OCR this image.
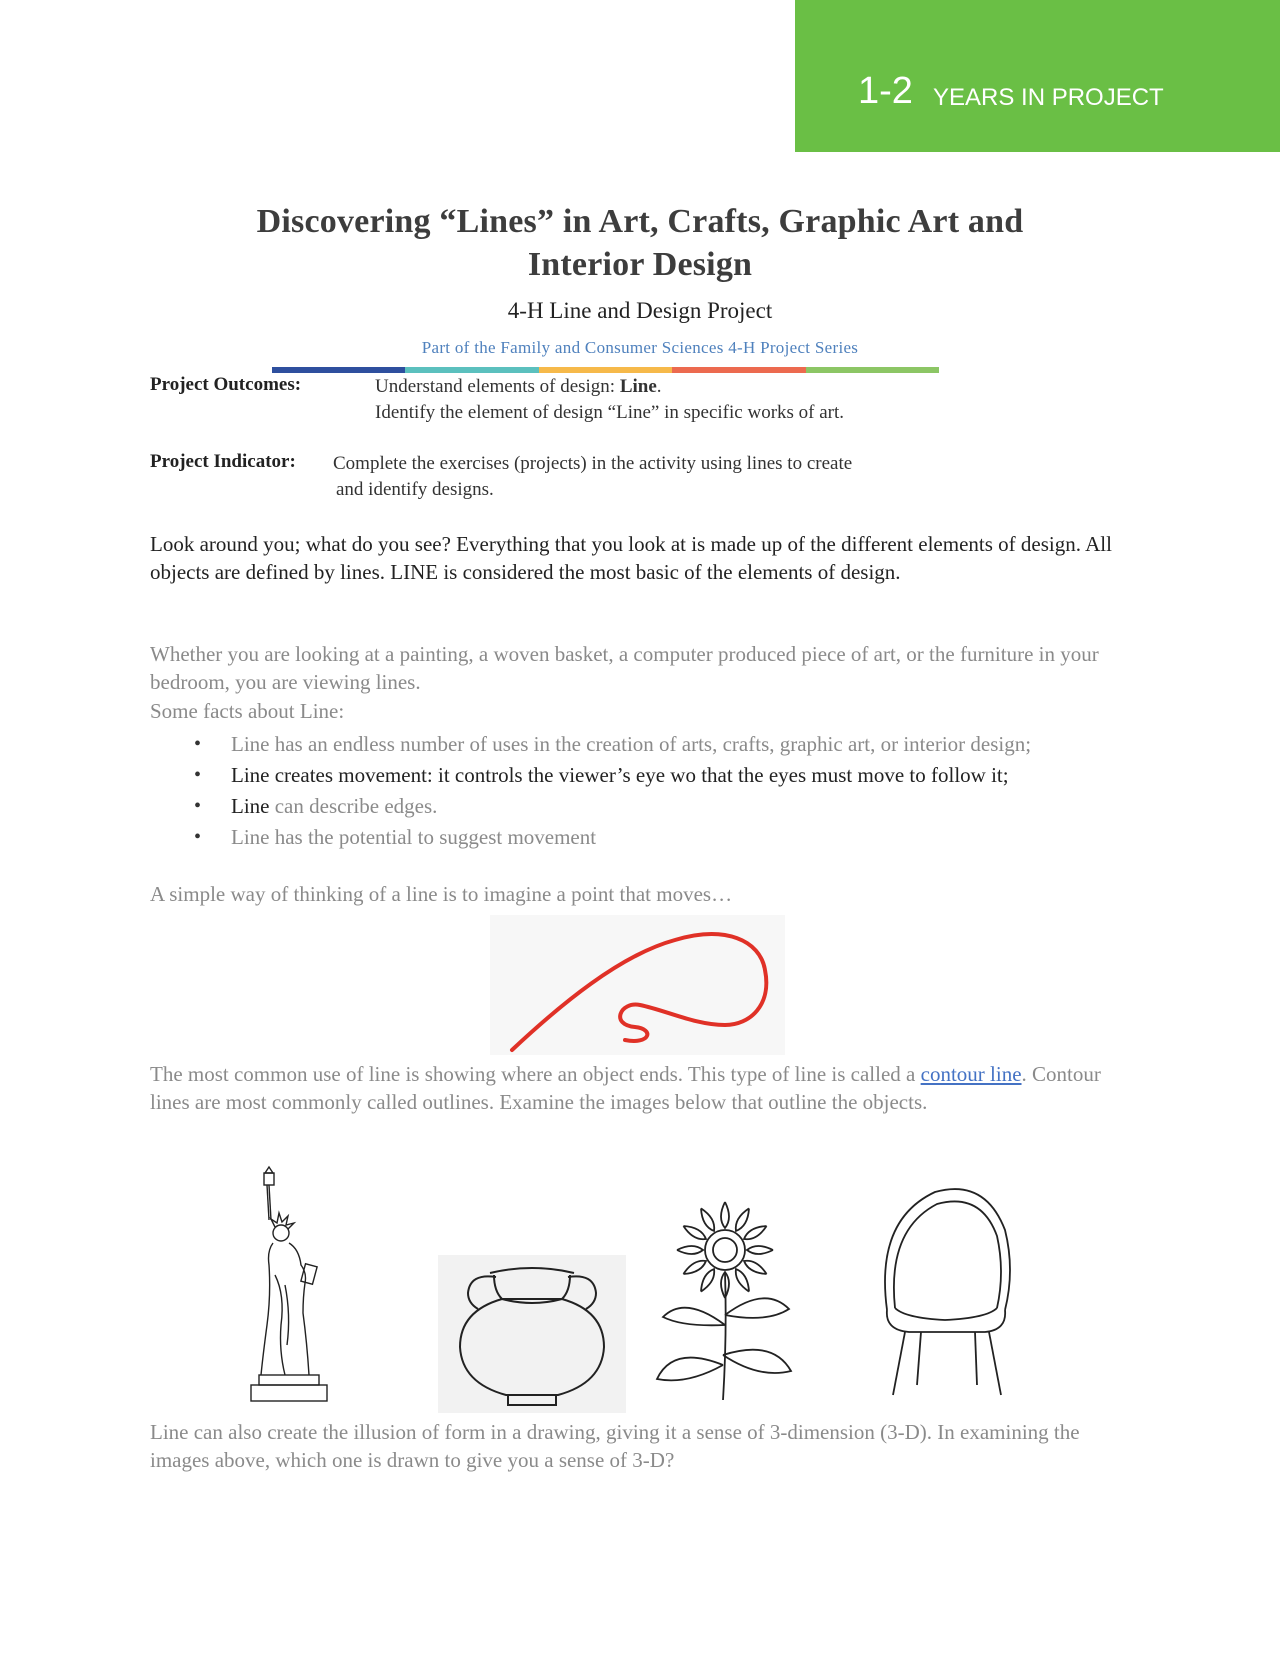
1-2 YEARS IN PROJECT
Discovering “Lines” in Art, Crafts, Graphic Art and
Interior Design
4-H Line and Design Project
Part of the Family and Consumer Sciences 4-H Project Series
Project Outcomes:	Understand elements of design: Line.
Identify the element of design “Line” in specific works of art.
Project Indicator: Complete the exercises (projects) in the activity using lines to create
and identify designs.
Look around you; what do you see? Everything that you look at is made up of the different elements of design. All objects are defined by lines. LINE is considered the most basic of the elements of design.
Whether you are looking at a painting, a woven basket, a computer produced piece of art, or the furniture in your bedroom, you are viewing lines.
Some facts about Line:
• Line has an endless number of uses in the creation of arts, crafts, graphic art, or interior design;
• Line creates movement: it controls the viewer’s eye wo that the eyes must move to follow it;
• Line can describe edges.
• Line has the potential to suggest movement
A simple way of thinking of a line is to imagine a point that moves…
The most common use of line is showing where an object ends. This type of line is called a contour line. Contour lines are most commonly called outlines. Examine the images below that outline the objects.
Line can also create the illusion of form in a drawing, giving it a sense of 3-dimension (3-D). In examining the images above, which one is drawn to give you a sense of 3-D?
